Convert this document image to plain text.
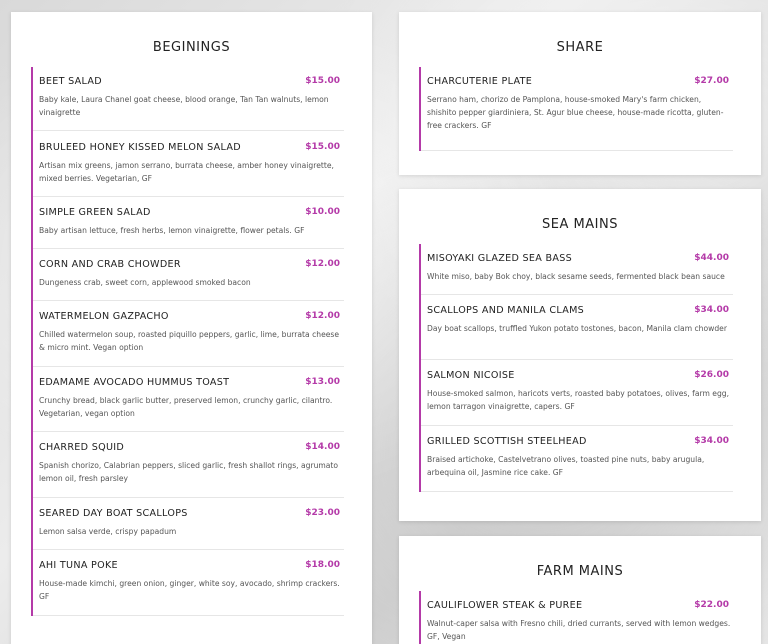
BEGININGS
BEET SALAD	$15.00
Baby kale, Laura Chanel goat cheese, blood orange, Tan Tan walnuts, lemon vinaigrette
BRULEED HONEY KISSED MELON SALAD	$15.00
Artisan mix greens, jamon serrano, burrata cheese, amber honey vinaigrette, mixed berries. Vegetarian, GF
SIMPLE GREEN SALAD	$10.00
Baby artisan lettuce, fresh herbs, lemon vinaigrette, flower petals. GF
CORN AND CRAB CHOWDER	$12.00
Dungeness crab, sweet corn, applewood smoked bacon
WATERMELON GAZPACHO	$12.00
Chilled watermelon soup, roasted piquillo peppers, garlic, lime, burrata cheese & micro mint. Vegan option
EDAMAME AVOCADO HUMMUS TOAST	$13.00
Crunchy bread, black garlic butter, preserved lemon, crunchy garlic, cilantro. Vegetarian, vegan option
CHARRED SQUID	$14.00
Spanish chorizo, Calabrian peppers, sliced garlic, fresh shallot rings, agrumato lemon oil, fresh parsley
SEARED DAY BOAT SCALLOPS	$23.00
Lemon salsa verde, crispy papadum
AHI TUNA POKE	$18.00
House-made kimchi, green onion, ginger, white soy, avocado, shrimp crackers. GF
SHARE
CHARCUTERIE PLATE	$27.00
Serrano ham, chorizo de Pamplona, house-smoked Mary's farm chicken, shishito pepper giardiniera, St. Agur blue cheese, house-made ricotta, gluten-free crackers. GF
SEA MAINS
MISOYAKI GLAZED SEA BASS	$44.00
White miso, baby Bok choy, black sesame seeds, fermented black bean sauce
SCALLOPS AND MANILA CLAMS	$34.00
Day boat scallops, truffled Yukon potato tostones, bacon, Manila clam chowder
SALMON NICOISE	$26.00
House-smoked salmon, haricots verts, roasted baby potatoes, olives, farm egg, lemon tarragon vinaigrette, capers. GF
GRILLED SCOTTISH STEELHEAD	$34.00
Braised artichoke, Castelvetrano olives, toasted pine nuts, baby arugula, arbequina oil, Jasmine rice cake. GF
FARM MAINS
CAULIFLOWER STEAK & PUREE	$22.00
Walnut-caper salsa with Fresno chili, dried currants, served with lemon wedges. GF, Vegan
